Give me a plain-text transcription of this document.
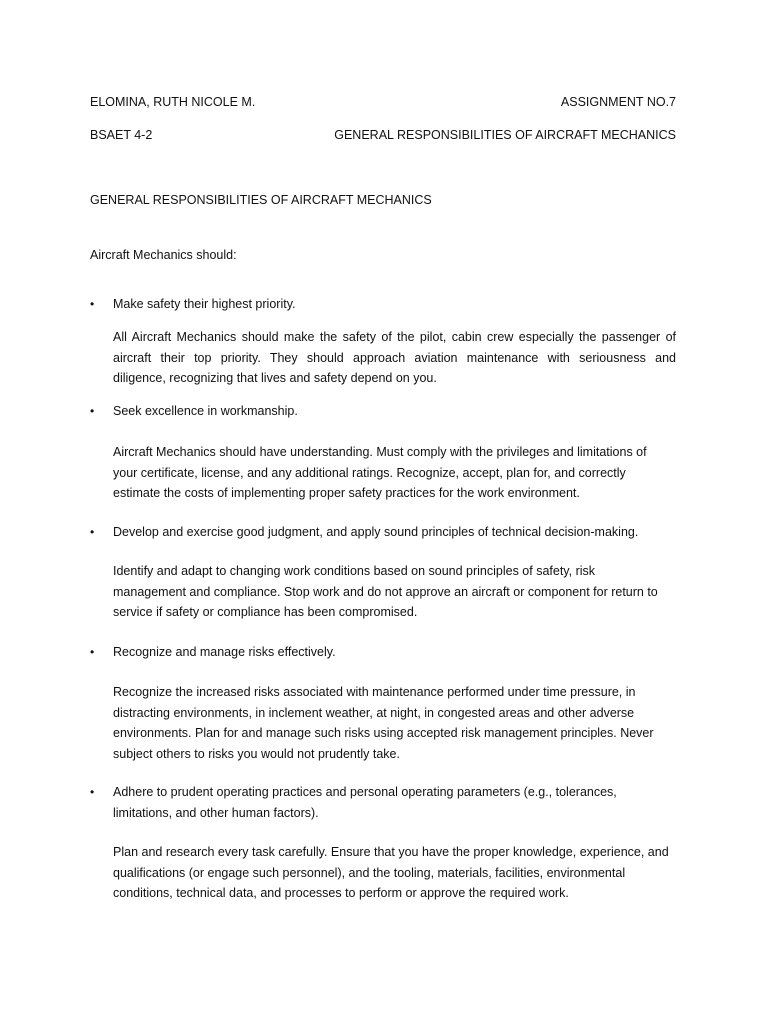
ELOMINA, RUTH NICOLE M.	ASSIGNMENT NO.7
BSAET 4-2	GENERAL RESPONSIBILITIES OF AIRCRAFT MECHANICS
GENERAL RESPONSIBILITIES OF AIRCRAFT MECHANICS
Aircraft Mechanics should:
• Make safety their highest priority.

All Aircraft Mechanics should make the safety of the pilot, cabin crew especially the passenger of
aircraft their top priority. They should approach aviation maintenance with seriousness and
diligence, recognizing that lives and safety depend on you.

• Seek excellence in workmanship.

Aircraft Mechanics should have understanding. Must comply with the privileges and limitations of
your certificate, license, and any additional ratings. Recognize, accept, plan for, and correctly
estimate the costs of implementing proper safety practices for the work environment.

• Develop and exercise good judgment, and apply sound principles of technical decision-making.

Identify and adapt to changing work conditions based on sound principles of safety, risk
management and compliance. Stop work and do not approve an aircraft or component for return to
service if safety or compliance has been compromised.

• Recognize and manage risks effectively.

Recognize the increased risks associated with maintenance performed under time pressure, in
distracting environments, in inclement weather, at night, in congested areas and other adverse
environments. Plan for and manage such risks using accepted risk management principles. Never
subject others to risks you would not prudently take.

• Adhere to prudent operating practices and personal operating parameters (e.g., tolerances,
limitations, and other human factors).

Plan and research every task carefully. Ensure that you have the proper knowledge, experience, and
qualifications (or engage such personnel), and the tooling, materials, facilities, environmental
conditions, technical data, and processes to perform or approve the required work.
